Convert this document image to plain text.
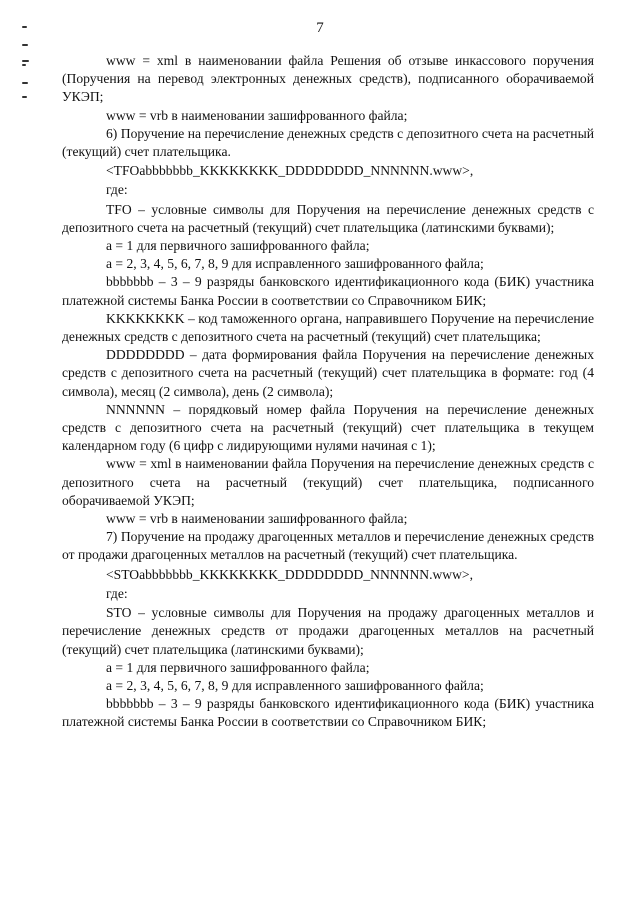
7

www = xml в наименовании файла Решения об отзыве инкассового поручения (Поручения на перевод электронных денежных средств), подписанного оборачиваемой УКЭП;

www = vrb в наименовании зашифрованного файла;

6) Поручение на перечисление денежных средств с депозитного счета на расчетный (текущий) счет плательщика.

<TFOabbbbbbb_KKKKKKKK_DDDDDDDD_NNNNNN.www>,

где:

TFO – условные символы для Поручения на перечисление денежных средств с депозитного счета на расчетный (текущий) счет плательщика (латинскими буквами);

a = 1 для первичного зашифрованного файла;

a = 2, 3, 4, 5, 6, 7, 8, 9 для исправленного зашифрованного файла;

bbbbbbb – 3 – 9 разряды банковского идентификационного кода (БИК) участника платежной системы Банка России в соответствии со Справочником БИК;

KKKKKKKK – код таможенного органа, направившего Поручение на перечисление денежных средств с депозитного счета на расчетный (текущий) счет плательщика;

DDDDDDDD – дата формирования файла Поручения на перечисление денежных средств с депозитного счета на расчетный (текущий) счет плательщика в формате: год (4 символа), месяц (2 символа), день (2 символа);

NNNNNN – порядковый номер файла Поручения на перечисление денежных средств с депозитного счета на расчетный (текущий) счет плательщика в текущем календарном году (6 цифр с лидирующими нулями начиная с 1);

www = xml в наименовании файла Поручения на перечисление денежных средств с депозитного счета на расчетный (текущий) счет плательщика, подписанного оборачиваемой УКЭП;

www = vrb в наименовании зашифрованного файла;

7) Поручение на продажу драгоценных металлов и перечисление денежных средств от продажи драгоценных металлов на расчетный (текущий) счет плательщика.

<STOabbbbbbb_KKKKKKKK_DDDDDDDD_NNNNNN.www>,

где:

STO – условные символы для Поручения на продажу драгоценных металлов и перечисление денежных средств от продажи драгоценных металлов на расчетный (текущий) счет плательщика (латинскими буквами);

a = 1 для первичного зашифрованного файла;

a = 2, 3, 4, 5, 6, 7, 8, 9 для исправленного зашифрованного файла;

bbbbbbb – 3 – 9 разряды банковского идентификационного кода (БИК) участника платежной системы Банка России в соответствии со Справочником БИК;
